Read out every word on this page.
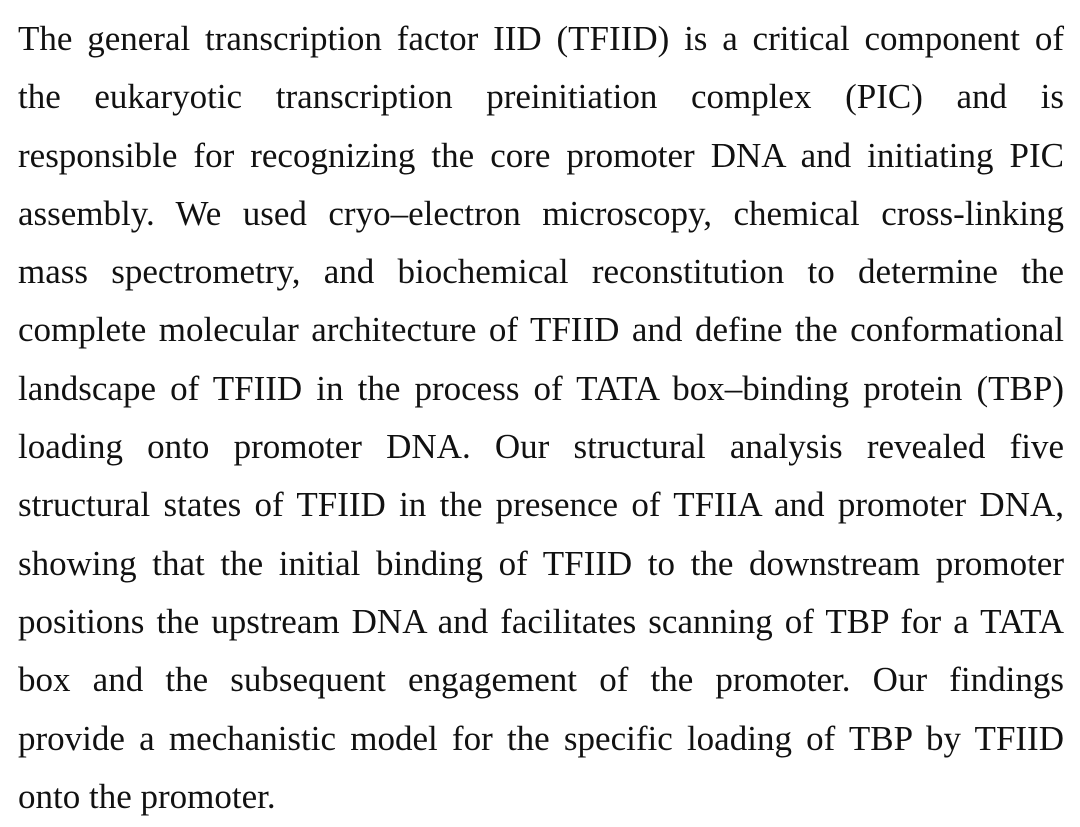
The general transcription factor IID (TFIID) is a critical component of
the eukaryotic transcription preinitiation complex (PIC) and is
responsible for recognizing the core promoter DNA and initiating PIC
assembly. We used cryo–electron microscopy, chemical cross-linking
mass spectrometry, and biochemical reconstitution to determine the
complete molecular architecture of TFIID and define the conformational
landscape of TFIID in the process of TATA box–binding protein (TBP)
loading onto promoter DNA. Our structural analysis revealed five
structural states of TFIID in the presence of TFIIA and promoter DNA,
showing that the initial binding of TFIID to the downstream promoter
positions the upstream DNA and facilitates scanning of TBP for a TATA
box and the subsequent engagement of the promoter. Our findings
provide a mechanistic model for the specific loading of TBP by TFIID
onto the promoter.
